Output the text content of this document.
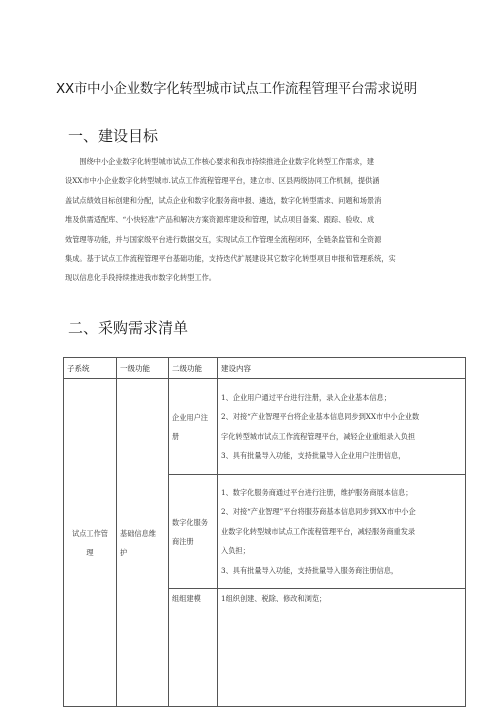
XX市中小企业数字化转型城市试点工作流程管理平台需求说明
一、建设目标
　　围绕中小企业数字化转型城市试点工作核心要求和我市持续推进企业数字化转型工作需求，建
设XX市中小企业数字化转型城市.试点工作流程管理平台，建立市、区县两级协同工作机制，提供涵
盖试点绩效目标创建和分配，试点企业和数字化服务商申报、遴选，数字化转型需求、问题和场景消
堆及供需适配库、“小快轻准”产品和解决方案资源库建设和管理，试点项目备案、跟踪、验收、成
效管理等功能，并与国家级平台进行数据交互，实现试点工作管理全流程闭环，全链条监管和全资源
集成。基于试点工作流程管理平台基础功能，支持迭代扩展建设其它数字化转型项目申报和管理系统，实
现以信息化手段持续推进我市数字化转型工作。
二、采购需求清单
子系统	一级功能	二级功能	建设内容

试点工作管理	基础信息维护	企业用户注册	1、企业用户通过平台进行注册，录入企业基本信息；
2、对接“产业智理平台将企业基本信息同步到XX市中小企业数
字化转型城市试点工作流程管理平台，减轻企业重组录入负担
3、具有批量导入功能，支持批量导入企业用户注册信息，

		数字化服务商注册	1、数字化服务商通过平台进行注册，维护服务商展本信息；
2、对接“产业智理”平台将服芬商基本信息同步到XX市中小企
业数字化转型城市试点工作流程管理平台，减轻服务商重发录
入负担；
3、具有批量导入功能，支持批量导入服务商注册信息，

		组组建模	1组织创建、税除、修改和浏览；
